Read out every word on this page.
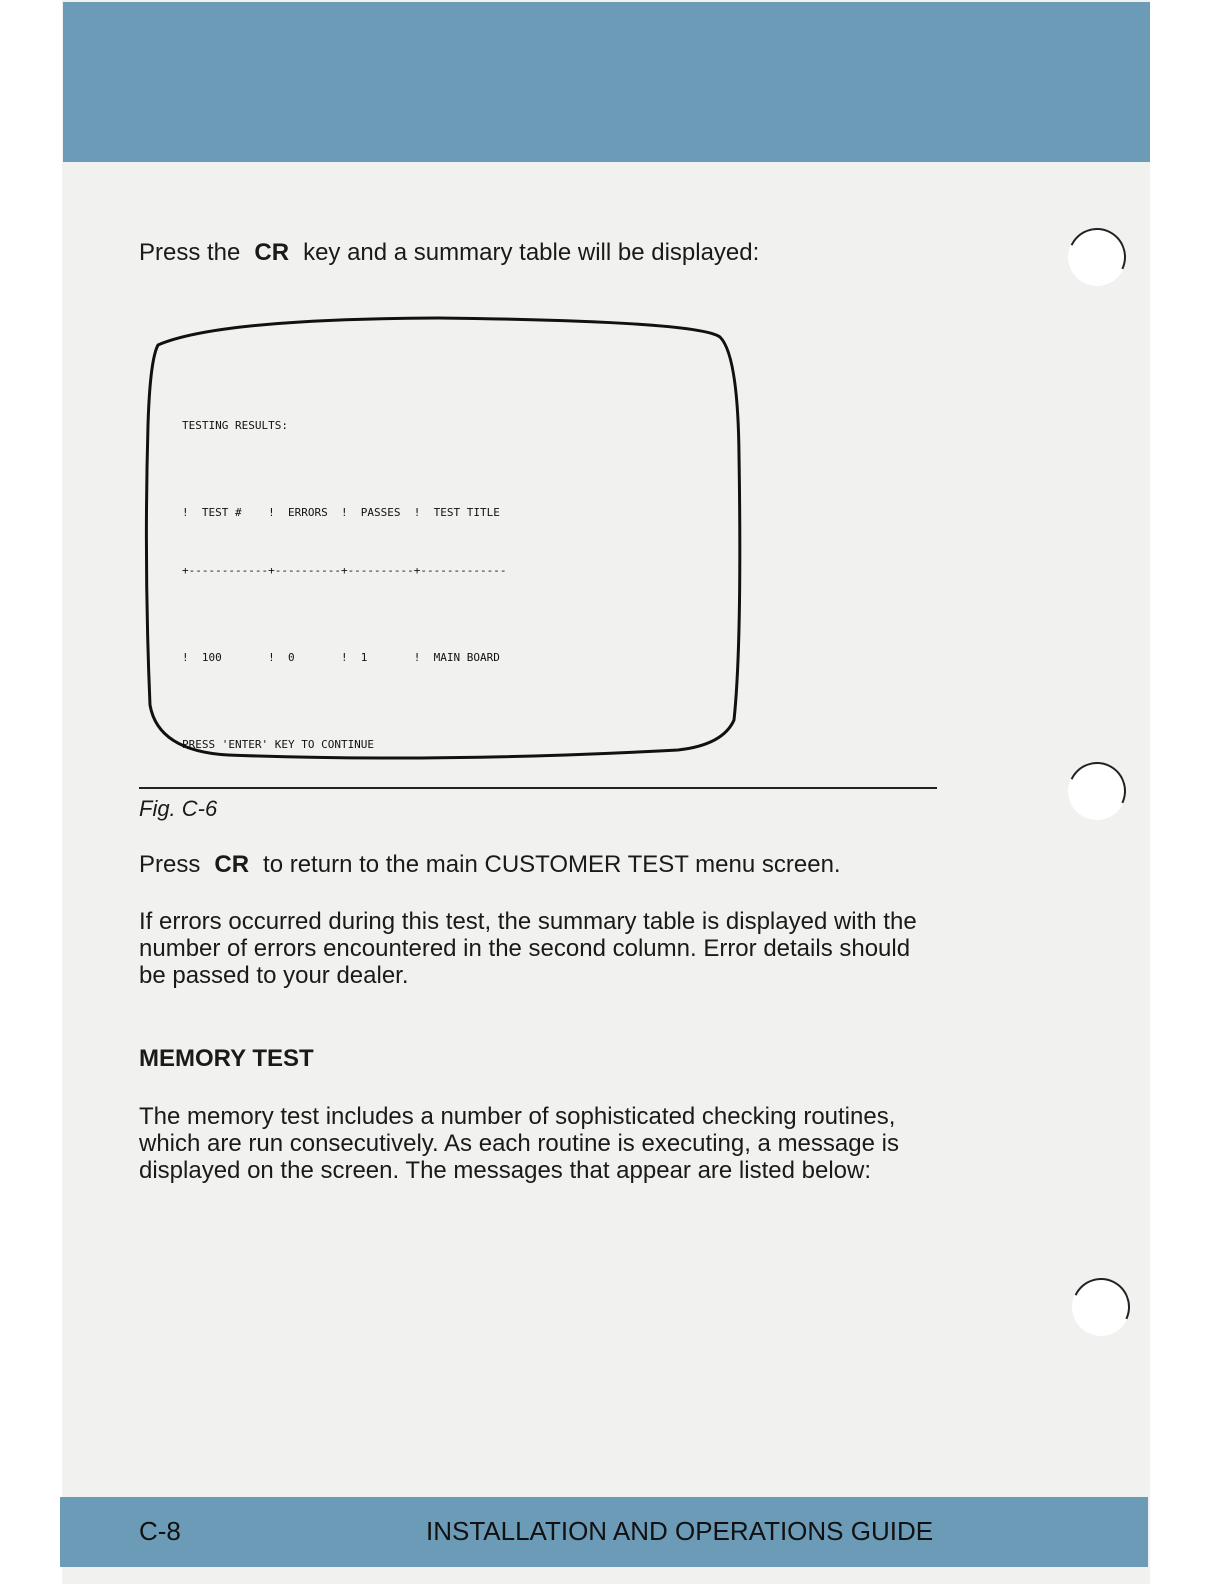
Press the CR key and a summary table will be displayed:

TESTING RESULTS:

!  TEST #    !  ERRORS  !  PASSES  !  TEST TITLE

+------------+----------+----------+-------------

!  100       !  0       !  1       !  MAIN BOARD

PRESS 'ENTER' KEY TO CONTINUE

Fig. C-6

Press CR to return to the main CUSTOMER TEST menu screen.

If errors occurred during this test, the summary table is displayed with the number of errors encountered in the second column. Error details should be passed to your dealer.

MEMORY TEST

The memory test includes a number of sophisticated checking routines, which are run consecutively. As each routine is executing, a message is displayed on the screen. The messages that appear are listed below:

C-8	INSTALLATION AND OPERATIONS GUIDE
